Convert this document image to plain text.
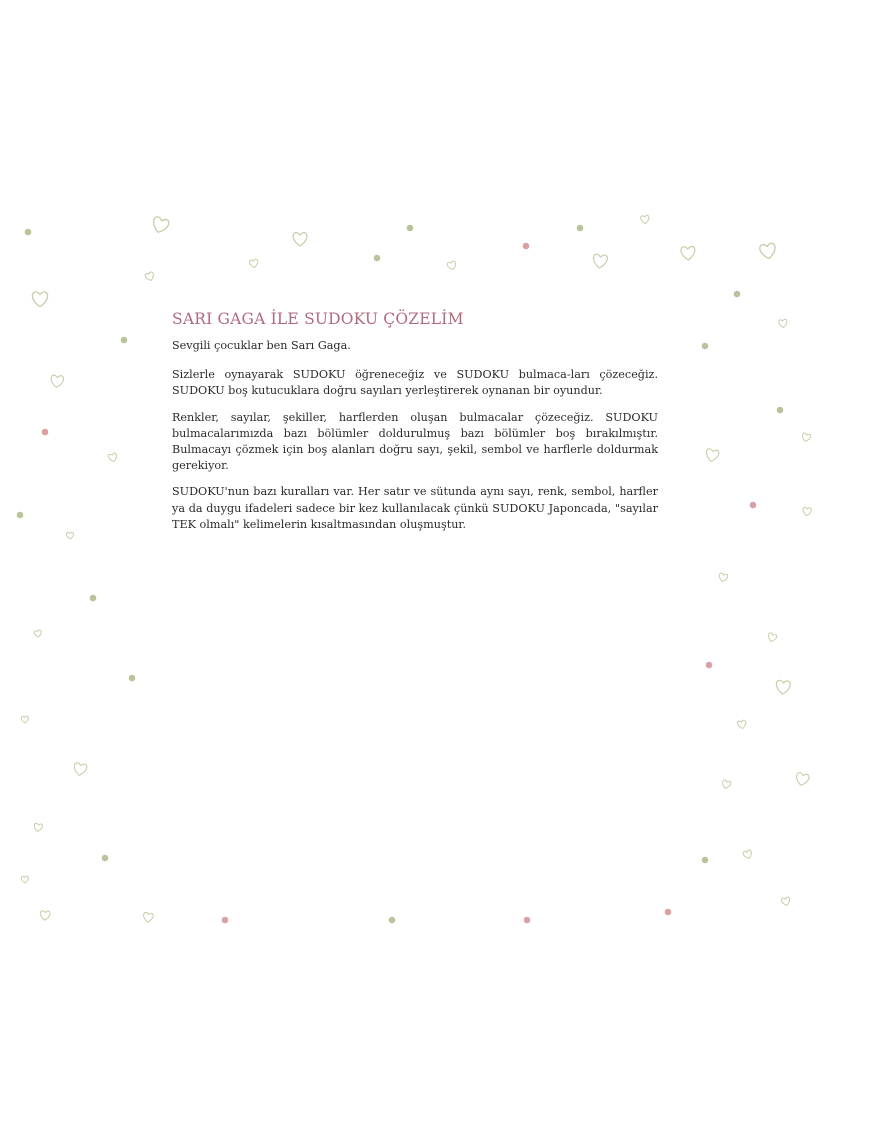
SARI GAGA İLE SUDOKU ÇÖZELİM

Sevgili çocuklar ben Sarı Gaga.

Sizlerle oynayarak SUDOKU öğreneceğiz ve SUDOKU bulmaca-ları çözeceğiz. SUDOKU boş kutucuklara doğru sayıları yerleştirerek oynanan bir oyundur.

Renkler, sayılar, şekiller, harflerden oluşan bulmacalar çözeceğiz. SUDOKU bulmacalarımızda bazı bölümler doldurulmuş bazı bölümler boş bırakılmıştır. Bulmacayı çözmek için boş alanları doğru sayı, şekil, sembol ve harflerle doldurmak gerekiyor.

SUDOKU'nun bazı kuralları var. Her satır ve sütunda aynı sayı, renk, sembol, harfler ya da duygu ifadeleri sadece bir kez kullanılacak çünkü SUDOKU Japoncada, "sayılar TEK olmalı" kelimelerin kısaltmasından oluşmuştur.
